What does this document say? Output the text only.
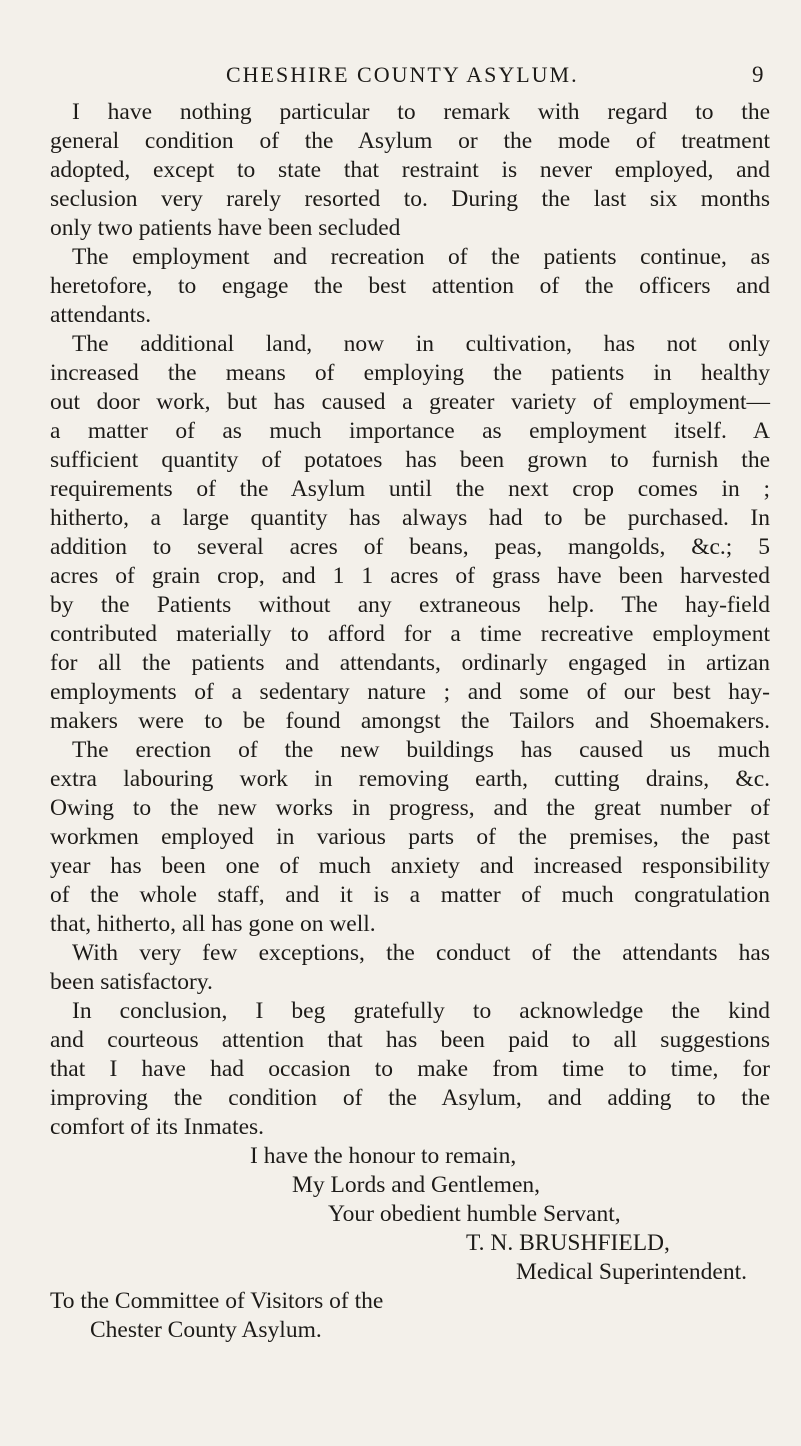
CHESHIRE COUNTY ASYLUM.	9
I have nothing particular to remark with regard to the
general condition of the Asylum or the mode of treatment
adopted, except to state that restraint is never employed, and
seclusion very rarely resorted to. During the last six months
only two patients have been secluded
The employment and recreation of the patients continue, as
heretofore, to engage the best attention of the officers and
attendants.
The additional land, now in cultivation, has not only
increased the means of employing the patients in healthy
out door work, but has caused a greater variety of employment—
a matter of as much importance as employment itself. A
sufficient quantity of potatoes has been grown to furnish the
requirements of the Asylum until the next crop comes in ;
hitherto, a large quantity has always had to be purchased. In
addition to several acres of beans, peas, mangolds, &c.; 5
acres of grain crop, and 1 1 acres of grass have been harvested
by the Patients without any extraneous help. The hay-field
contributed materially to afford for a time recreative employment
for all the patients and attendants, ordinarly engaged in artizan
employments of a sedentary nature ; and some of our best hay-
makers were to be found amongst the Tailors and Shoemakers.
The erection of the new buildings has caused us much
extra labouring work in removing earth, cutting drains, &c.
Owing to the new works in progress, and the great number of
workmen employed in various parts of the premises, the past
year has been one of much anxiety and increased responsibility
of the whole staff, and it is a matter of much congratulation
that, hitherto, all has gone on well.
With very few exceptions, the conduct of the attendants has
been satisfactory.
In conclusion, I beg gratefully to acknowledge the kind
and courteous attention that has been paid to all suggestions
that I have had occasion to make from time to time, for
improving the condition of the Asylum, and adding to the
comfort of its Inmates.
I have the honour to remain,
My Lords and Gentlemen,
Your obedient humble Servant,
T. N. BRUSHFIELD,
Medical Superintendent.
To the Committee of Visitors of the
Chester County Asylum.
